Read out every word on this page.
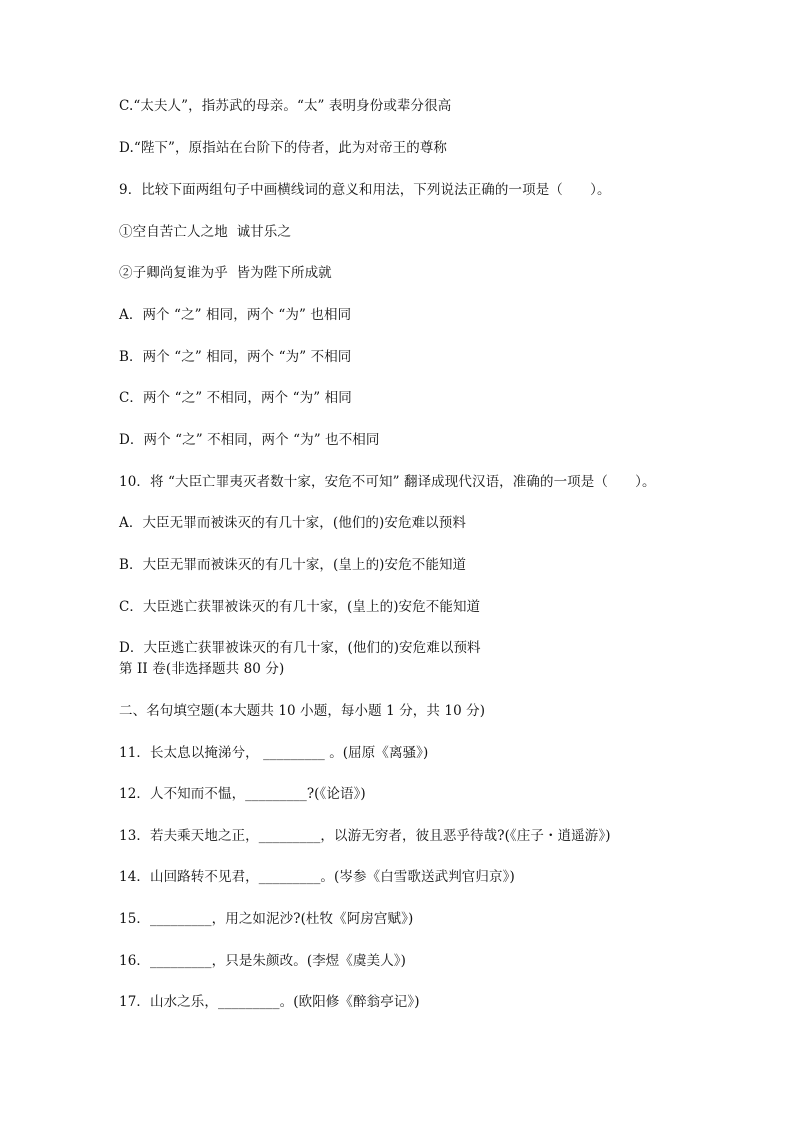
C.“太夫人”，指苏武的母亲。“太” 表明身份或辈分很高
D.“陛下”，原指站在台阶下的侍者，此为对帝王的尊称
9．比较下面两组句子中画横线词的意义和用法，下列说法正确的一项是（　　）。
①空自苦亡人之地  诚甘乐之
②子卿尚复谁为乎  皆为陛下所成就
A．两个 “之” 相同，两个 “为” 也相同
B．两个 “之” 相同，两个 “为” 不相同
C．两个 “之” 不相同，两个 “为” 相同
D．两个 “之” 不相同，两个 “为” 也不相同
10．将 “大臣亡罪夷灭者数十家，安危不可知” 翻译成现代汉语，准确的一项是（　　）。
A．大臣无罪而被诛灭的有几十家，(他们的)安危难以预料
B．大臣无罪而被诛灭的有几十家，(皇上的)安危不能知道
C．大臣逃亡获罪被诛灭的有几十家，(皇上的)安危不能知道
D．大臣逃亡获罪被诛灭的有几十家，(他们的)安危难以预料
第 II 卷(非选择题共 80 分)
二、名句填空题(本大题共 10 小题，每小题 1 分，共 10 分)
11．长太息以掩涕兮， _________ 。(屈原《离骚》)
12．人不知而不愠，_________?(《论语》)
13．若夫乘天地之正，_________，以游无穷者，彼且恶乎待哉?(《庄子・逍遥游》)
14．山回路转不见君，_________。(岑参《白雪歌送武判官归京》)
15．_________，用之如泥沙?(杜牧《阿房宫赋》)
16．_________，只是朱颜改。(李煜《虞美人》)
17．山水之乐，_________。(欧阳修《醉翁亭记》)
